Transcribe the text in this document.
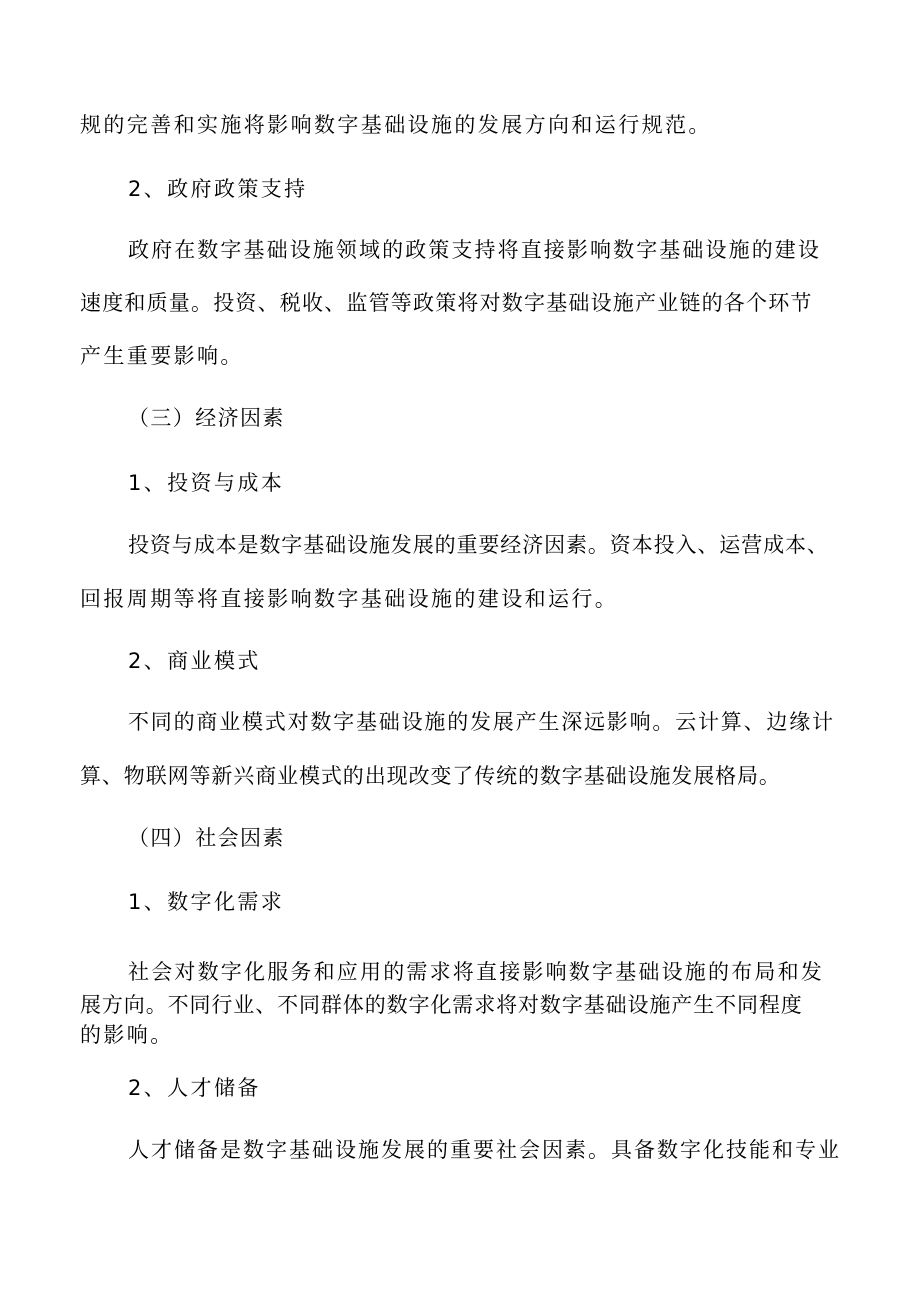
规的完善和实施将影响数字基础设施的发展方向和运行规范。
2、政府政策支持
政府在数字基础设施领域的政策支持将直接影响数字基础设施的建设
速度和质量。投资、税收、监管等政策将对数字基础设施产业链的各个环节
产生重要影响。
（三）经济因素
1、投资与成本
投资与成本是数字基础设施发展的重要经济因素。资本投入、运营成本、
回报周期等将直接影响数字基础设施的建设和运行。
2、商业模式
不同的商业模式对数字基础设施的发展产生深远影响。云计算、边缘计
算、物联网等新兴商业模式的出现改变了传统的数字基础设施发展格局。
（四）社会因素
1、数字化需求
社会对数字化服务和应用的需求将直接影响数字基础设施的布局和发
展方向。不同行业、不同群体的数字化需求将对数字基础设施产生不同程度
的影响。
2、人才储备
人才储备是数字基础设施发展的重要社会因素。具备数字化技能和专业
